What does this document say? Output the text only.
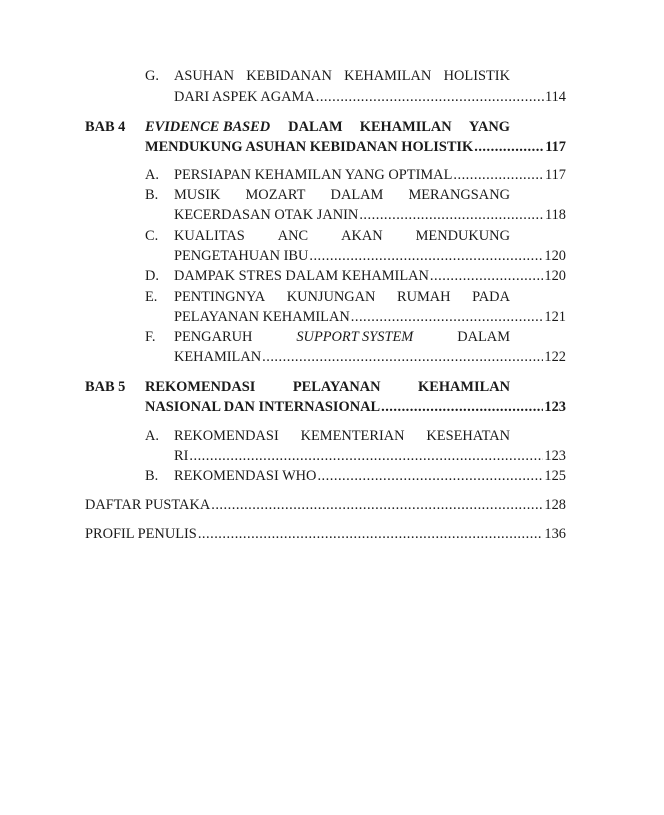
G. ASUHAN KEBIDANAN KEHAMILAN HOLISTIK
DARI ASPEK AGAMA .....	114
BAB 4 EVIDENCE BASED DALAM KEHAMILAN YANG
MENDUKUNG ASUHAN KEBIDANAN HOLISTIK .....	117
A. PERSIAPAN KEHAMILAN YANG OPTIMAL .....	117
B. MUSIK MOZART DALAM MERANGSANG
KECERDASAN OTAK JANIN .....	118
C. KUALITAS ANC AKAN MENDUKUNG
PENGETAHUAN IBU .....	120
D. DAMPAK STRES DALAM KEHAMILAN .....	120
E. PENTINGNYA KUNJUNGAN RUMAH PADA
PELAYANAN KEHAMILAN .....	121
F. PENGARUH	SUPPORT SYSTEM	DALAM
KEHAMILAN .....	122
BAB 5 REKOMENDASI	PELAYANAN	KEHAMILAN
NASIONAL DAN INTERNASIONAL .....	123
A. REKOMENDASI KEMENTERIAN KESEHATAN
RI .....	123
B. REKOMENDASI WHO .....	125
DAFTAR PUSTAKA .....	128
PROFIL PENULIS .....	136
